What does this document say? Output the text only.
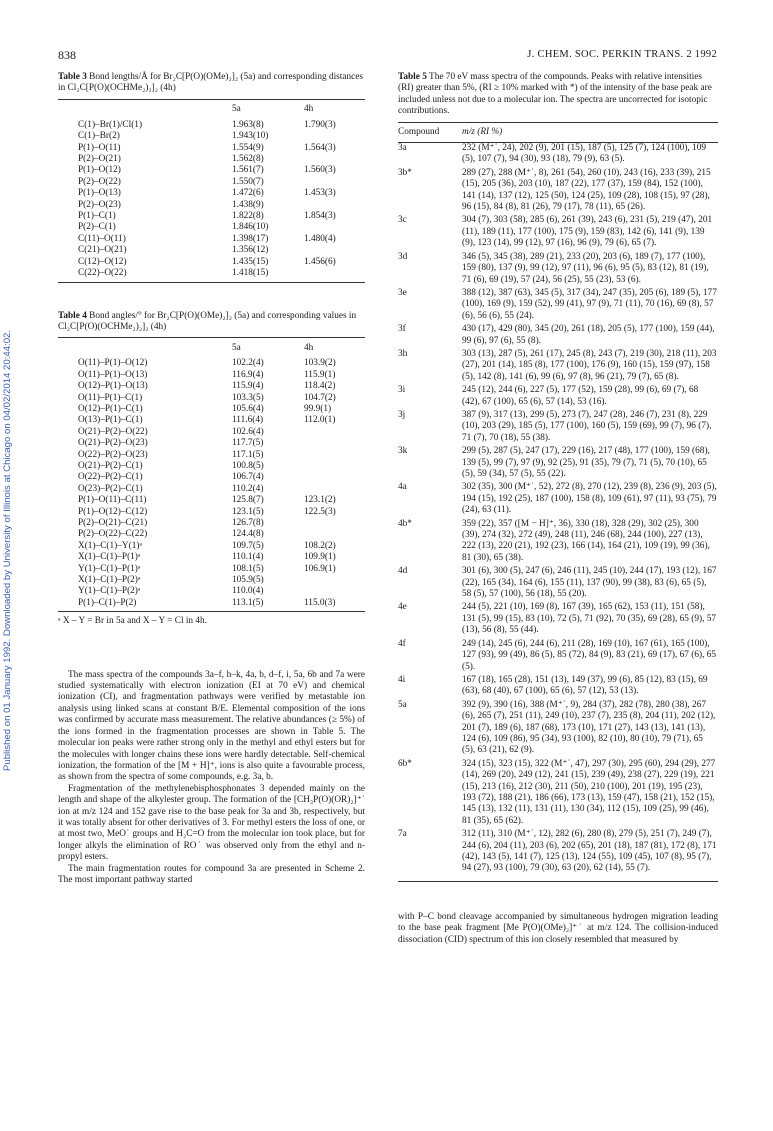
Published on 01 January 1992. Downloaded by University of Illinois at Chicago on 04/02/2014 20:44:02.
838	J. CHEM. SOC. PERKIN TRANS. 2 1992

Table 3 Bond lengths/Å for Br₂C[P(O)(OMe)₂]₂ (5a) and corresponding distances in Cl₂C[P(O)(OCHMe₂)₂]₂ (4h)

	5a	4h
C(1)–Br(1)/Cl(1)	1.963(8)	1.790(3)
C(1)–Br(2)	1.943(10)	
P(1)–O(11)	1.554(9)	1.564(3)
P(2)–O(21)	1.562(8)	
P(1)–O(12)	1.561(7)	1.560(3)
P(2)–O(22)	1.550(7)	
P(1)–O(13)	1.472(6)	1.453(3)
P(2)–O(23)	1.438(9)	
P(1)–C(1)	1.822(8)	1.854(3)
P(2)–C(1)	1.846(10)	
C(11)–O(11)	1.398(17)	1.480(4)
C(21)–O(21)	1.356(12)	
C(12)–O(12)	1.435(15)	1.456(6)
C(22)–O(22)	1.418(15)	

Table 4 Bond angles/° for Br₂C[P(O)(OMe)₂]₂ (5a) and corresponding values in Cl₂C[P(O)(OCHMe₂)₂]₂ (4h)

	5a	4h
O(11)–P(1)–O(12)	102.2(4)	103.9(2)
O(11)–P(1)–O(13)	116.9(4)	115.9(1)
O(12)–P(1)–O(13)	115.9(4)	118.4(2)
O(11)–P(1)–C(1)	103.3(5)	104.7(2)
O(12)–P(1)–C(1)	105.6(4)	99.9(1)
O(13)–P(1)–C(1)	111.6(4)	112.0(1)
O(21)–P(2)–O(22)	102.6(4)	
O(21)–P(2)–O(23)	117.7(5)	
O(22)–P(2)–O(23)	117.1(5)	
O(21)–P(2)–C(1)	100.8(5)	
O(22)–P(2)–C(1)	106.7(4)	
O(23)–P(2)–C(1)	110.2(4)	
P(1)–O(11)–C(11)	125.8(7)	123.1(2)
P(1)–O(12)–C(12)	123.1(5)	122.5(3)
P(2)–O(21)–C(21)	126.7(8)	
P(2)–O(22)–C(22)	124.4(8)	
X(1)–C(1)–Y(1)ᵃ	109.7(5)	108.2(2)
X(1)–C(1)–P(1)ᵃ	110.1(4)	109.9(1)
Y(1)–C(1)–P(1)ᵃ	108.1(5)	106.9(1)
X(1)–C(1)–P(2)ᵃ	105.9(5)	
Y(1)–C(1)–P(2)ᵃ	110.0(4)	
P(1)–C(1)–P(2)	113.1(5)	115.0(3)
ᵃ X – Y = Br in 5a and X – Y = Cl in 4h.

The mass spectra of the compounds 3a–f, h–k, 4a, b, d–f, i, 5a, 6b and 7a were studied systematically with electron ionization (EI at 70 eV) and chemical ionization (CI), and fragmentation pathways were verified by metastable ion analysis using linked scans at constant B/E. Elemental composition of the ions was confirmed by accurate mass measurement. The relative abundances (≥ 5%) of the ions formed in the fragmentation processes are shown in Table 5. The molecular ion peaks were rather strong only in the methyl and ethyl esters but for the molecules with longer chains these ions were hardly detectable. Self-chemical ionization, the formation of the [M + H]⁺, ions is also quite a favourable process, as shown from the spectra of some compounds, e.g. 3a, b.

Fragmentation of the methylenebisphosphonates 3 depended mainly on the length and shape of the alkylester group. The formation of the [CH₃P(O)(OR)₂]⁺˙ ion at m/z 124 and 152 gave rise to the base peak for 3a and 3b, respectively, but it was totally absent for other derivatives of 3. For methyl esters the loss of one, or at most two, MeO˙ groups and H₂C=O from the molecular ion took place, but for longer alkyls the elimination of RO˙ was observed only from the ethyl and n-propyl esters.

The main fragmentation routes for compound 3a are presented in Scheme 2. The most important pathway started

Table 5 The 70 eV mass spectra of the compounds. Peaks with relative intensities (RI) greater than 5%, (RI ≥ 10% marked with *) of the intensity of the base peak are included unless not due to a molecular ion. The spectra are uncorrected for isotopic contributions.

Compound	m/z (RI %)

3a	232 (M⁺˙, 24), 202 (9), 201 (15), 187 (5), 125 (7), 124 (100), 109 (5), 107 (7), 94 (30), 93 (18), 79 (9), 63 (5).
3b*	289 (27), 288 (M⁺˙, 8), 261 (54), 260 (10), 243 (16), 233 (39), 215 (15), 205 (36), 203 (10), 187 (22), 177 (37), 159 (84), 152 (100), 141 (14), 137 (12), 125 (50), 124 (25), 109 (28), 108 (15), 97 (28), 96 (15), 84 (8), 81 (26), 79 (17), 78 (11), 65 (26).
3c	304 (7), 303 (58), 285 (6), 261 (39), 243 (6), 231 (5), 219 (47), 201 (11), 189 (11), 177 (100), 175 (9), 159 (83), 142 (6), 141 (9), 139 (9), 123 (14), 99 (12), 97 (16), 96 (9), 79 (6), 65 (7).
3d	346 (5), 345 (38), 289 (21), 233 (20), 203 (6), 189 (7), 177 (100), 159 (80), 137 (9), 99 (12), 97 (11), 96 (6), 95 (5), 83 (12), 81 (19), 71 (6), 69 (19), 57 (24), 56 (25), 55 (23), 53 (6).
3e	388 (12), 387 (63), 345 (5), 317 (34), 247 (35), 205 (6), 189 (5), 177 (100), 169 (9), 159 (52), 99 (41), 97 (9), 71 (11), 70 (16), 69 (8), 57 (6), 56 (6), 55 (24).
3f	430 (17), 429 (80), 345 (20), 261 (18), 205 (5), 177 (100), 159 (44), 99 (6), 97 (6), 55 (8).
3h	303 (13), 287 (5), 261 (17), 245 (8), 243 (7), 219 (30), 218 (11), 203 (27), 201 (14), 185 (8), 177 (100), 176 (9), 160 (15), 159 (97), 158 (5), 142 (8), 141 (6), 99 (6), 97 (8), 96 (21), 79 (7), 65 (8).
3i	245 (12), 244 (6), 227 (5), 177 (52), 159 (28), 99 (6), 69 (7), 68 (42), 67 (100), 65 (6), 57 (14), 53 (16).
3j	387 (9), 317 (13), 299 (5), 273 (7), 247 (28), 246 (7), 231 (8), 229 (10), 203 (29), 185 (5), 177 (100), 160 (5), 159 (69), 99 (7), 96 (7), 71 (7), 70 (18), 55 (38).
3k	299 (5), 287 (5), 247 (17), 229 (16), 217 (48), 177 (100), 159 (68), 139 (5), 99 (7), 97 (9), 92 (25), 91 (35), 79 (7), 71 (5), 70 (10), 65 (5), 59 (34), 57 (5), 55 (22).
4a	302 (35), 300 (M⁺˙, 52), 272 (8), 270 (12), 239 (8), 236 (9), 203 (5), 194 (15), 192 (25), 187 (100), 158 (8), 109 (61), 97 (11), 93 (75), 79 (24), 63 (11).
4b*	359 (22), 357 ([M − H]⁺, 36), 330 (18), 328 (29), 302 (25), 300 (39), 274 (32), 272 (49), 248 (11), 246 (68), 244 (100), 227 (13), 222 (13), 220 (21), 192 (23), 166 (14), 164 (21), 109 (19), 99 (36), 81 (30), 65 (38).
4d	301 (6), 300 (5), 247 (6), 246 (11), 245 (10), 244 (17), 193 (12), 167 (22), 165 (34), 164 (6), 155 (11), 137 (90), 99 (38), 83 (6), 65 (5), 58 (5), 57 (100), 56 (18), 55 (20).
4e	244 (5), 221 (10), 169 (8), 167 (39), 165 (62), 153 (11), 151 (58), 131 (5), 99 (15), 83 (10), 72 (5), 71 (92), 70 (35), 69 (28), 65 (9), 57 (13), 56 (8), 55 (44).
4f	249 (14), 245 (6), 244 (6), 211 (28), 169 (10), 167 (61), 165 (100), 127 (93), 99 (49), 86 (5), 85 (72), 84 (9), 83 (21), 69 (17), 67 (6), 65 (5).
4i	167 (18), 165 (28), 151 (13), 149 (37), 99 (6), 85 (12), 83 (15), 69 (63), 68 (40), 67 (100), 65 (6), 57 (12), 53 (13).
5a	392 (9), 390 (16), 388 (M⁺˙, 9), 284 (37), 282 (78), 280 (38), 267 (6), 265 (7), 251 (11), 249 (10), 237 (7), 235 (8), 204 (11), 202 (12), 201 (7), 189 (6), 187 (68), 173 (10), 171 (27), 143 (13), 141 (13), 124 (6), 109 (86), 95 (34), 93 (100), 82 (10), 80 (10), 79 (71), 65 (5), 63 (21), 62 (9).
6b*	324 (15), 323 (15), 322 (M⁺˙, 47), 297 (30), 295 (60), 294 (29), 277 (14), 269 (20), 249 (12), 241 (15), 239 (49), 238 (27), 229 (19), 221 (15), 213 (16), 212 (30), 211 (50), 210 (100), 201 (19), 195 (23), 193 (72), 188 (21), 186 (66), 173 (13), 159 (47), 158 (21), 152 (15), 145 (13), 132 (11), 131 (11), 130 (34), 112 (15), 109 (25), 99 (46), 81 (35), 65 (62).
7a	312 (11), 310 (M⁺˙, 12), 282 (6), 280 (8), 279 (5), 251 (7), 249 (7), 244 (6), 204 (11), 203 (6), 202 (65), 201 (18), 187 (81), 172 (8), 171 (42), 143 (5), 141 (7), 125 (13), 124 (55), 109 (45), 107 (8), 95 (7), 94 (27), 93 (100), 79 (30), 63 (20), 62 (14), 55 (7).

with P–C bond cleavage accompanied by simultaneous hydrogen migration leading to the base peak fragment [Me P(O)(OMe)₂]⁺˙ at m/z 124. The collision-induced dissociation (CID) spectrum of this ion closely resembled that measured by
